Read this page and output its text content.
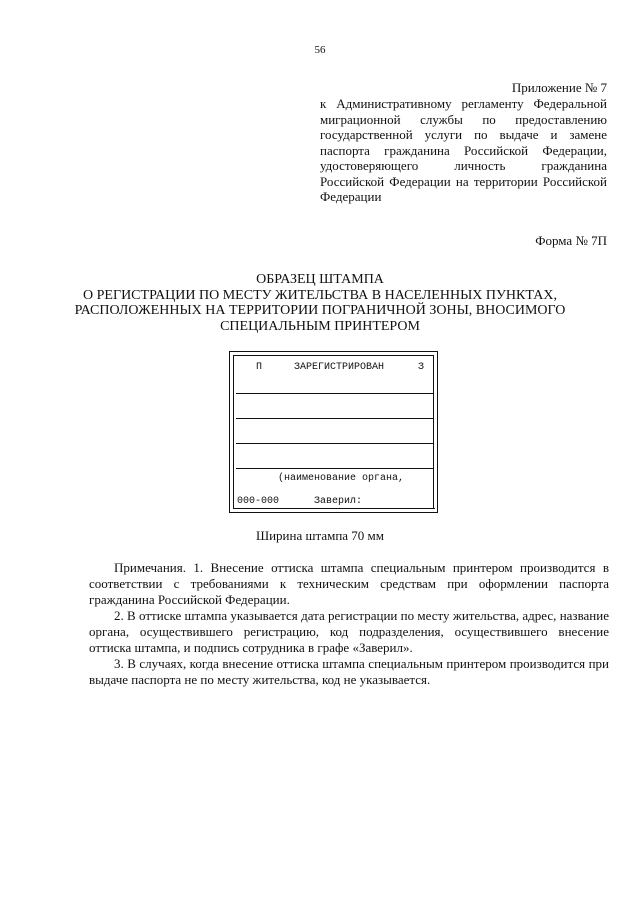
56
Приложение № 7
к Административному регламенту Федеральной
миграционной службы по предоставлению
государственной услуги по выдаче и замене
паспорта гражданина Российской Федерации,
удостоверяющего личность гражданина
Российской Федерации на территории Российской
Федерации
Форма № 7П
ОБРАЗЕЦ ШТАМПА
О РЕГИСТРАЦИИ ПО МЕСТУ ЖИТЕЛЬСТВА В НАСЕЛЕННЫХ ПУНКТАХ,
РАСПОЛОЖЕННЫХ НА ТЕРРИТОРИИ ПОГРАНИЧНОЙ ЗОНЫ, ВНОСИМОГО
СПЕЦИАЛЬНЫМ ПРИНТЕРОМ
П	ЗАРЕГИСТРИРОВАН	З
(наименование органа,
000-000	Заверил:
Ширина штампа 70 мм

Примечания. 1. Внесение оттиска штампа специальным принтером производится в соответствии с требованиями к техническим средствам при оформлении паспорта гражданина Российской Федерации.

2. В оттиске штампа указывается дата регистрации по месту жительства, адрес, название органа, осуществившего регистрацию, код подразделения, осуществившего внесение оттиска штампа, и подпись сотрудника в графе «Заверил».

3. В случаях, когда внесение оттиска штампа специальным принтером производится при выдаче паспорта не по месту жительства, код не указывается.
